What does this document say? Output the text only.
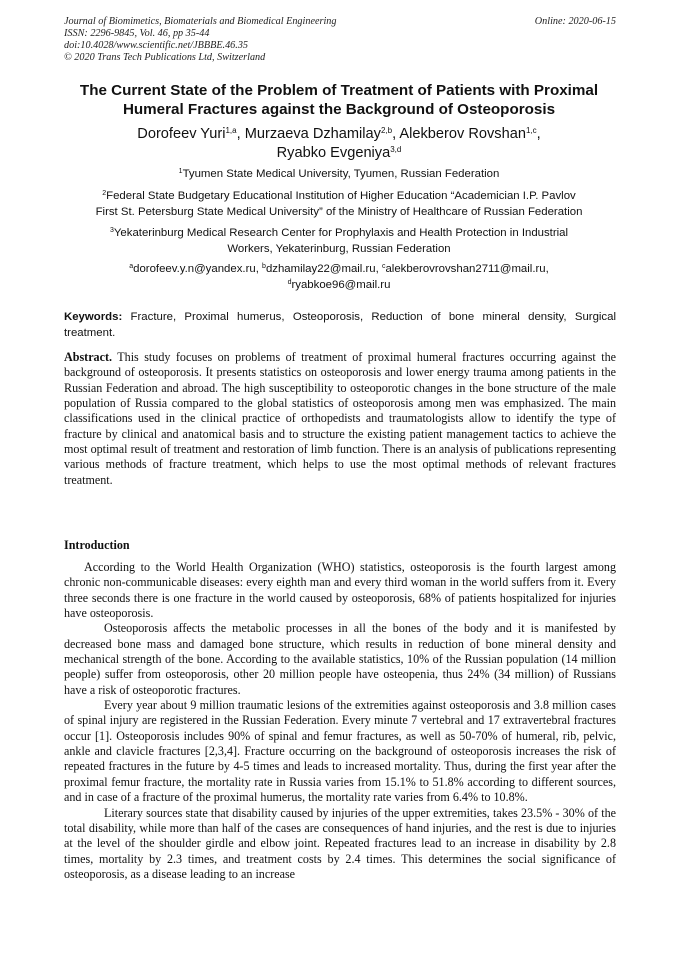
Journal of Biomimetics, Biomaterials and Biomedical Engineering
ISSN: 2296-9845, Vol. 46, pp 35-44
doi:10.4028/www.scientific.net/JBBBE.46.35
© 2020 Trans Tech Publications Ltd, Switzerland
Online: 2020-06-15
The Current State of the Problem of Treatment of Patients with Proximal
Humeral Fractures against the Background of Osteoporosis
Dorofeev Yuri$^{1,a}$, Murzaeva Dzhamilay$^{2,b}$, Alekberov Rovshan$^{1,c}$,
Ryabko Evgeniya$^{3,d}$
$^1$Tyumen State Medical University, Tyumen, Russian Federation
$^2$Federal State Budgetary Educational Institution of Higher Education “Academician I.P. Pavlov
First St. Petersburg State Medical University” of the Ministry of Healthcare of Russian Federation
$^3$Yekaterinburg Medical Research Center for Prophylaxis and Health Protection in Industrial
Workers, Yekaterinburg, Russian Federation
$^a$dorofeev.y.n@yandex.ru, $^b$dzhamilay22@mail.ru, $^c$alekberovrovshan2711@mail.ru,
$^d$ryabkoe96@mail.ru
Keywords: Fracture, Proximal humerus, Osteoporosis, Reduction of bone mineral density, Surgical treatment.
Abstract. This study focuses on problems of treatment of proximal humeral fractures occurring against the background of osteoporosis. It presents statistics on osteoporosis and lower energy trauma among patients in the Russian Federation and abroad. The high susceptibility to osteoporotic changes in the bone structure of the male population of Russia compared to the global statistics of osteoporosis among men was emphasized. The main classifications used in the clinical practice of orthopedists and traumatologists allow to identify the type of fracture by clinical and anatomical basis and to structure the existing patient management tactics to achieve the most optimal result of treatment and restoration of limb function. There is an analysis of publications representing various methods of fracture treatment, which helps to use the most optimal methods of relevant fractures treatment.
Introduction

According to the World Health Organization (WHO) statistics, osteoporosis is the fourth largest among chronic non-communicable diseases: every eighth man and every third woman in the world suffers from it. Every three seconds there is one fracture in the world caused by osteoporosis, 68% of patients hospitalized for injuries have osteoporosis.

Osteoporosis affects the metabolic processes in all the bones of the body and it is manifested by decreased bone mass and damaged bone structure, which results in reduction of bone mineral density and mechanical strength of the bone. According to the available statistics, 10% of the Russian population (14 million people) suffer from osteoporosis, other 20 million people have osteopenia, thus 24% (34 million) of Russians have a risk of osteoporotic fractures.

Every year about 9 million traumatic lesions of the extremities against osteoporosis and 3.8 million cases of spinal injury are registered in the Russian Federation. Every minute 7 vertebral and 17 extravertebral fractures occur [1]. Osteoporosis includes 90% of spinal and femur fractures, as well as 50-70% of humeral, rib, pelvic, ankle and clavicle fractures [2,3,4]. Fracture occurring on the background of osteoporosis increases the risk of repeated fractures in the future by 4-5 times and leads to increased mortality. Thus, during the first year after the proximal femur fracture, the mortality rate in Russia varies from 15.1% to 51.8% according to different sources, and in case of a fracture of the proximal humerus, the mortality rate varies from 6.4% to 10.8%.

Literary sources state that disability caused by injuries of the upper extremities, takes 23.5% - 30% of the total disability, while more than half of the cases are consequences of hand injuries, and the rest is due to injuries at the level of the shoulder girdle and elbow joint. Repeated fractures lead to an increase in disability by 2.8 times, mortality by 2.3 times, and treatment costs by 2.4 times. This determines the social significance of osteoporosis, as a disease leading to an increase
